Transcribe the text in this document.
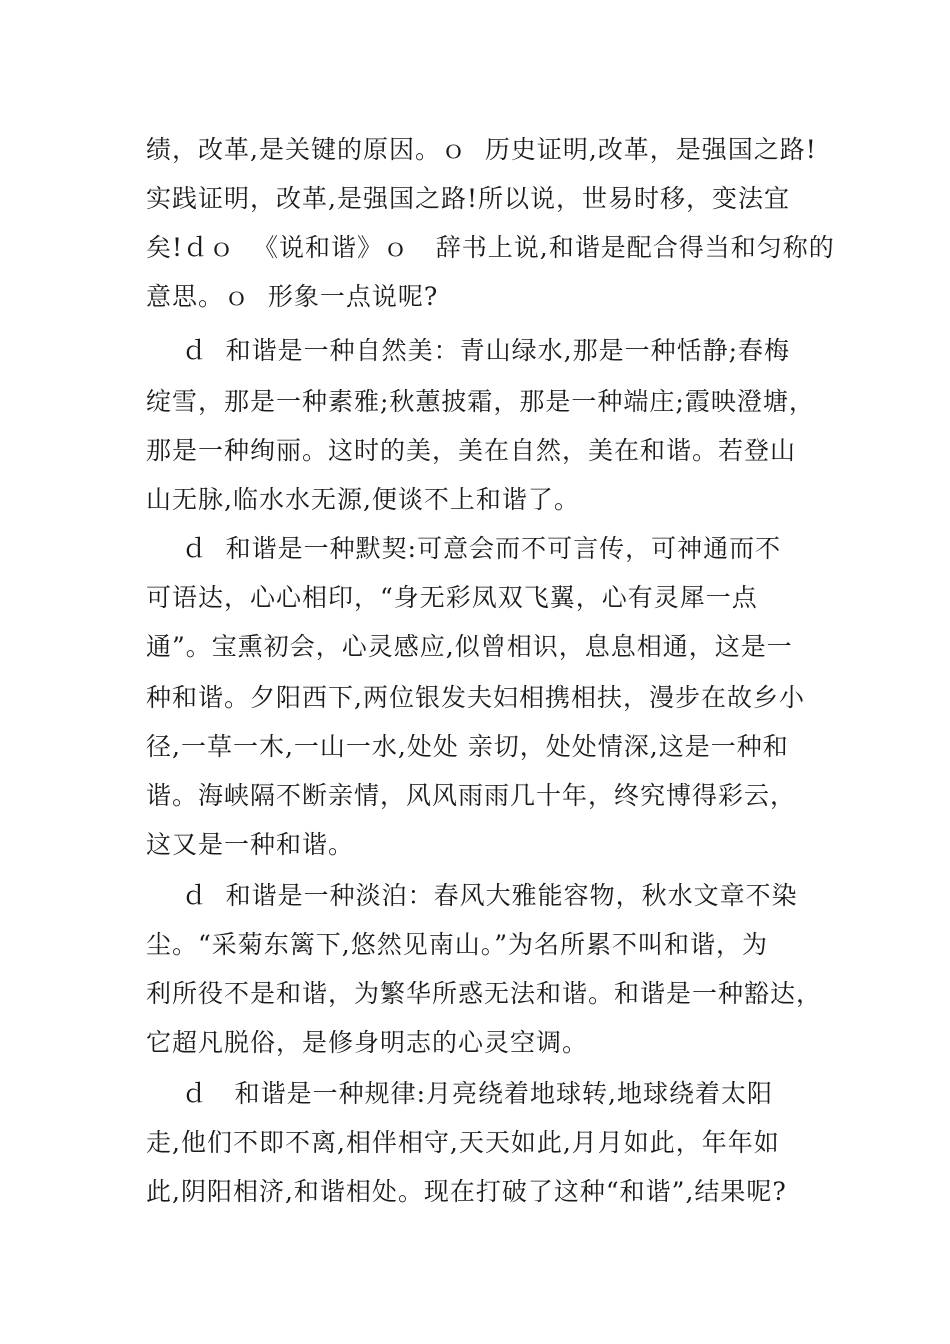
绩，改革,是关键的原因。ｏ  历史证明,改革，是强国之路!
实践证明，改革,是强国之路!所以说，世易时移，变法宜
矣!ｄｏ  《说和谐》ｏ   辞书上说,和谐是配合得当和匀称的
意思。ｏ  形象一点说呢?
ｄ  和谐是一种自然美：青山绿水,那是一种恬静;春梅
绽雪，那是一种素雅;秋蕙披霜，那是一种端庄;霞映澄塘，
那是一种绚丽。这时的美，美在自然，美在和谐。若登山
山无脉,临水水无源,便谈不上和谐了。
ｄ  和谐是一种默契:可意会而不可言传，可神通而不
可语达，心心相印，“身无彩凤双飞翼，心有灵犀一点
通”。宝熏初会，心灵感应,似曾相识，息息相通，这是一
种和谐。夕阳西下,两位银发夫妇相携相扶，漫步在故乡小
径,一草一木,一山一水,处处 亲切，处处情深,这是一种和
谐。海峡隔不断亲情，风风雨雨几十年，终究博得彩云，
这又是一种和谐。
ｄ  和谐是一种淡泊：春风大雅能容物，秋水文章不染
尘。“采菊东篱下,悠然见南山。”为名所累不叫和谐，为
利所役不是和谐，为繁华所惑无法和谐。和谐是一种豁达，
它超凡脱俗，是修身明志的心灵空调。
ｄ   和谐是一种规律:月亮绕着地球转,地球绕着太阳
走,他们不即不离,相伴相守,天天如此,月月如此，年年如
此,阴阳相济,和谐相处。现在打破了这种“和谐”,结果呢?
